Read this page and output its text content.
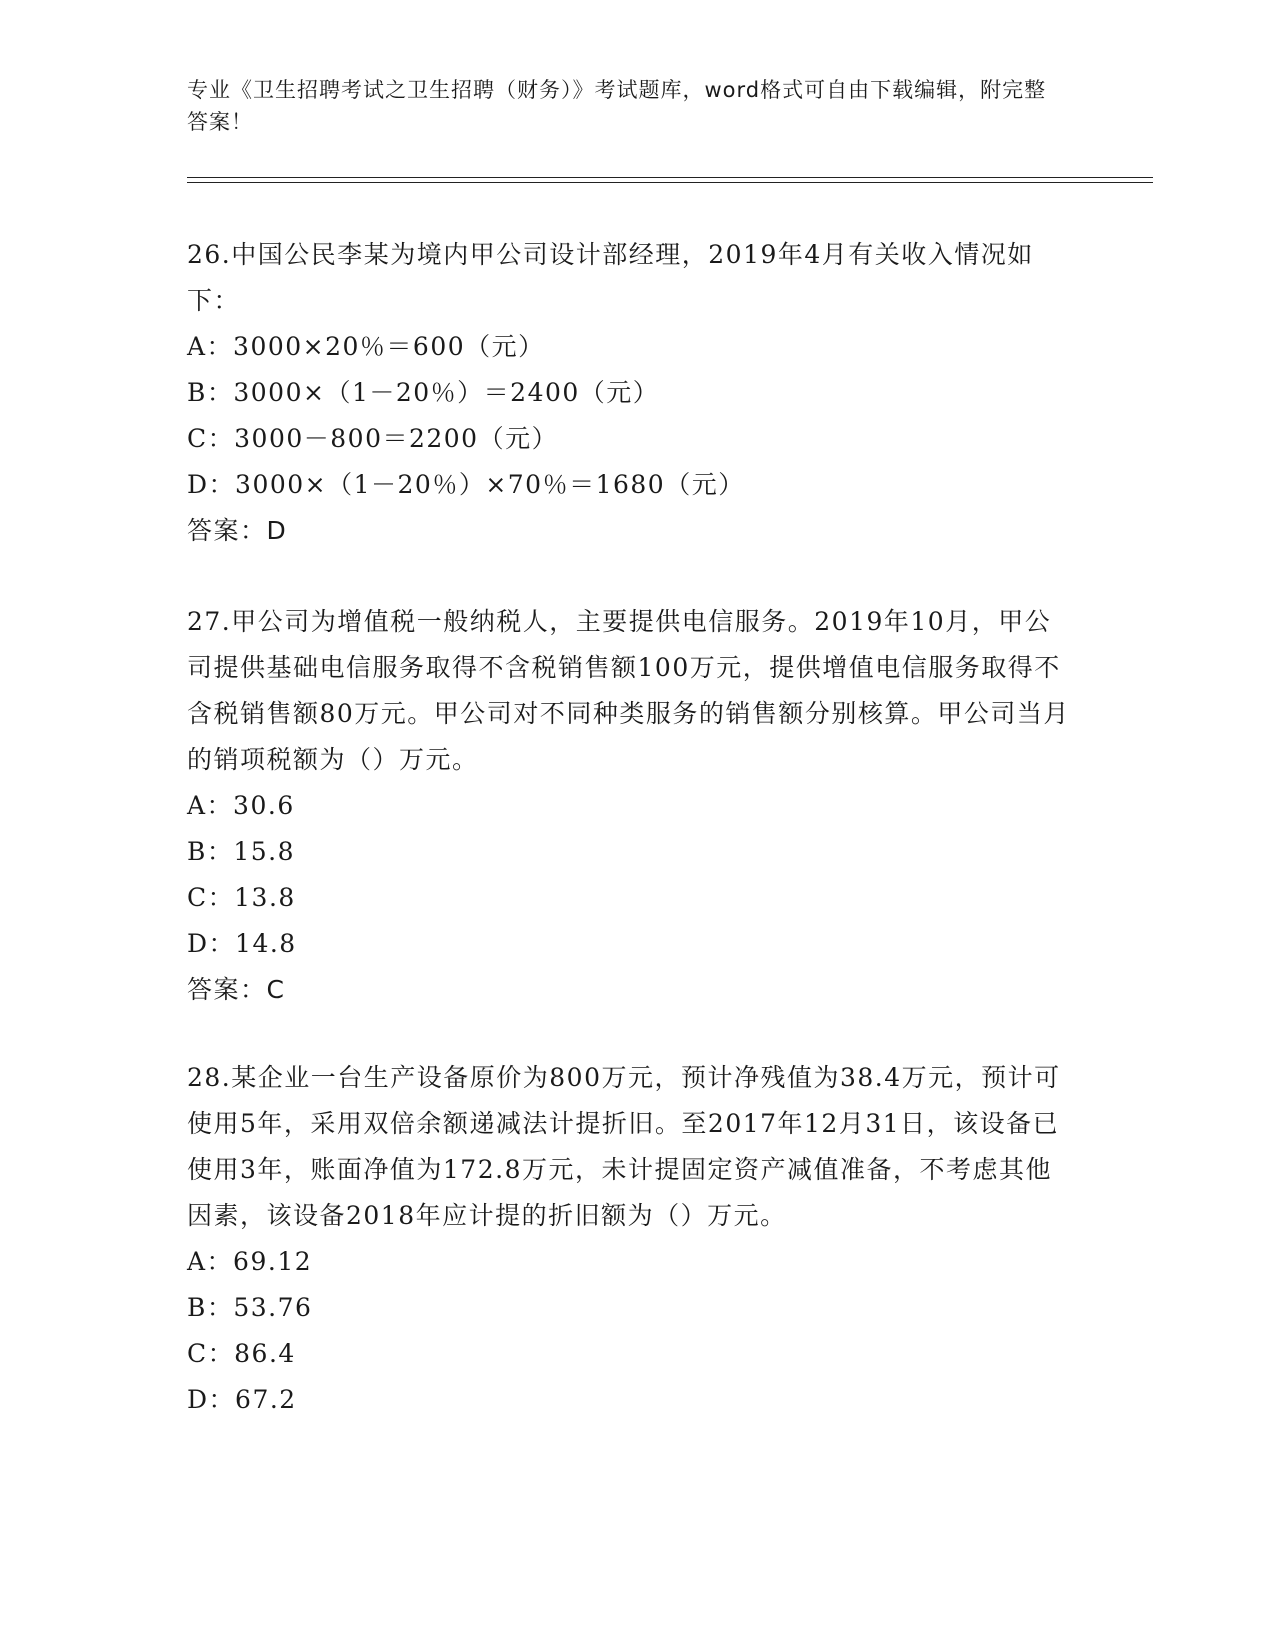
专业《卫生招聘考试之卫生招聘（财务）》考试题库，word格式可自由下载编辑，附完整答案！
26.中国公民李某为境内甲公司设计部经理，2019年4月有关收入情况如下：
A：3000×20％＝600（元）
B：3000×（1－20％）＝2400（元）
C：3000－800＝2200（元）
D：3000×（1－20％）×70％＝1680（元）
答案：D
27.甲公司为增值税一般纳税人，主要提供电信服务。2019年10月，甲公司提供基础电信服务取得不含税销售额100万元，提供增值电信服务取得不含税销售额80万元。甲公司对不同种类服务的销售额分别核算。甲公司当月的销项税额为（）万元。
A：30.6
B：15.8
C：13.8
D：14.8
答案：C
28.某企业一台生产设备原价为800万元，预计净残值为38.4万元，预计可使用5年，采用双倍余额递减法计提折旧。至2017年12月31日，该设备已使用3年，账面净值为172.8万元，未计提固定资产减值准备，不考虑其他因素，该设备2018年应计提的折旧额为（）万元。
A：69.12
B：53.76
C：86.4
D：67.2
